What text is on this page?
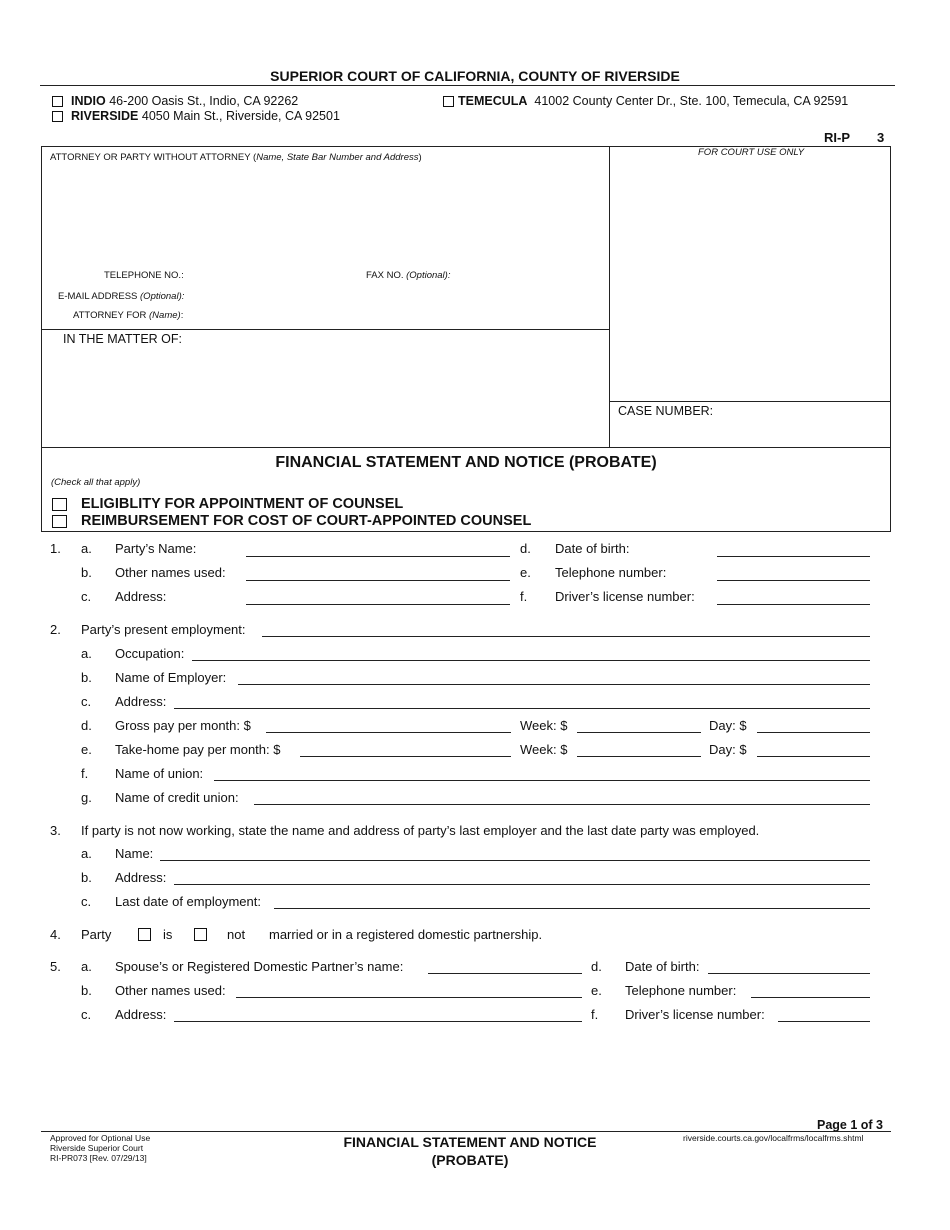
SUPERIOR COURT OF CALIFORNIA, COUNTY OF RIVERSIDE
INDIO 46-200 Oasis St., Indio, CA 92262
RIVERSIDE 4050 Main St., Riverside, CA 92501
TEMECULA 41002 County Center Dr., Ste. 100, Temecula, CA 92591
RI-P 3
ATTORNEY OR PARTY WITHOUT ATTORNEY (Name, State Bar Number and Address)	FOR COURT USE ONLY
TELEPHONE NO.:	FAX NO. (Optional):
E-MAIL ADDRESS (Optional):
ATTORNEY FOR (Name):
IN THE MATTER OF:
CASE NUMBER:
FINANCIAL STATEMENT AND NOTICE (PROBATE)
(Check all that apply)
ELIGIBLITY FOR APPOINTMENT OF COUNSEL
REIMBURSEMENT FOR COST OF COURT-APPOINTED COUNSEL
1. a. Party’s Name:	d. Date of birth:
b. Other names used:	e. Telephone number:
c. Address:	f. Driver’s license number:
2. Party’s present employment:
a. Occupation:
b. Name of Employer:
c. Address:
d. Gross pay per month: $	Week: $	Day: $
e. Take-home pay per month: $	Week: $	Day: $
f. Name of union:
g. Name of credit union:
3. If party is not now working, state the name and address of party’s last employer and the last date party was employed.
a. Name:
b. Address:
c. Last date of employment:
4. Party	is	not married or in a registered domestic partnership.
5. a. Spouse’s or Registered Domestic Partner’s name:	d. Date of birth:
b. Other names used:	e. Telephone number:
c. Address:	f. Driver’s license number:
Page 1 of 3
Approved for Optional Use
Riverside Superior Court
RI-PR073 [Rev. 07/29/13]
FINANCIAL STATEMENT AND NOTICE
(PROBATE)
riverside.courts.ca.gov/localfrms/localfrms.shtml
